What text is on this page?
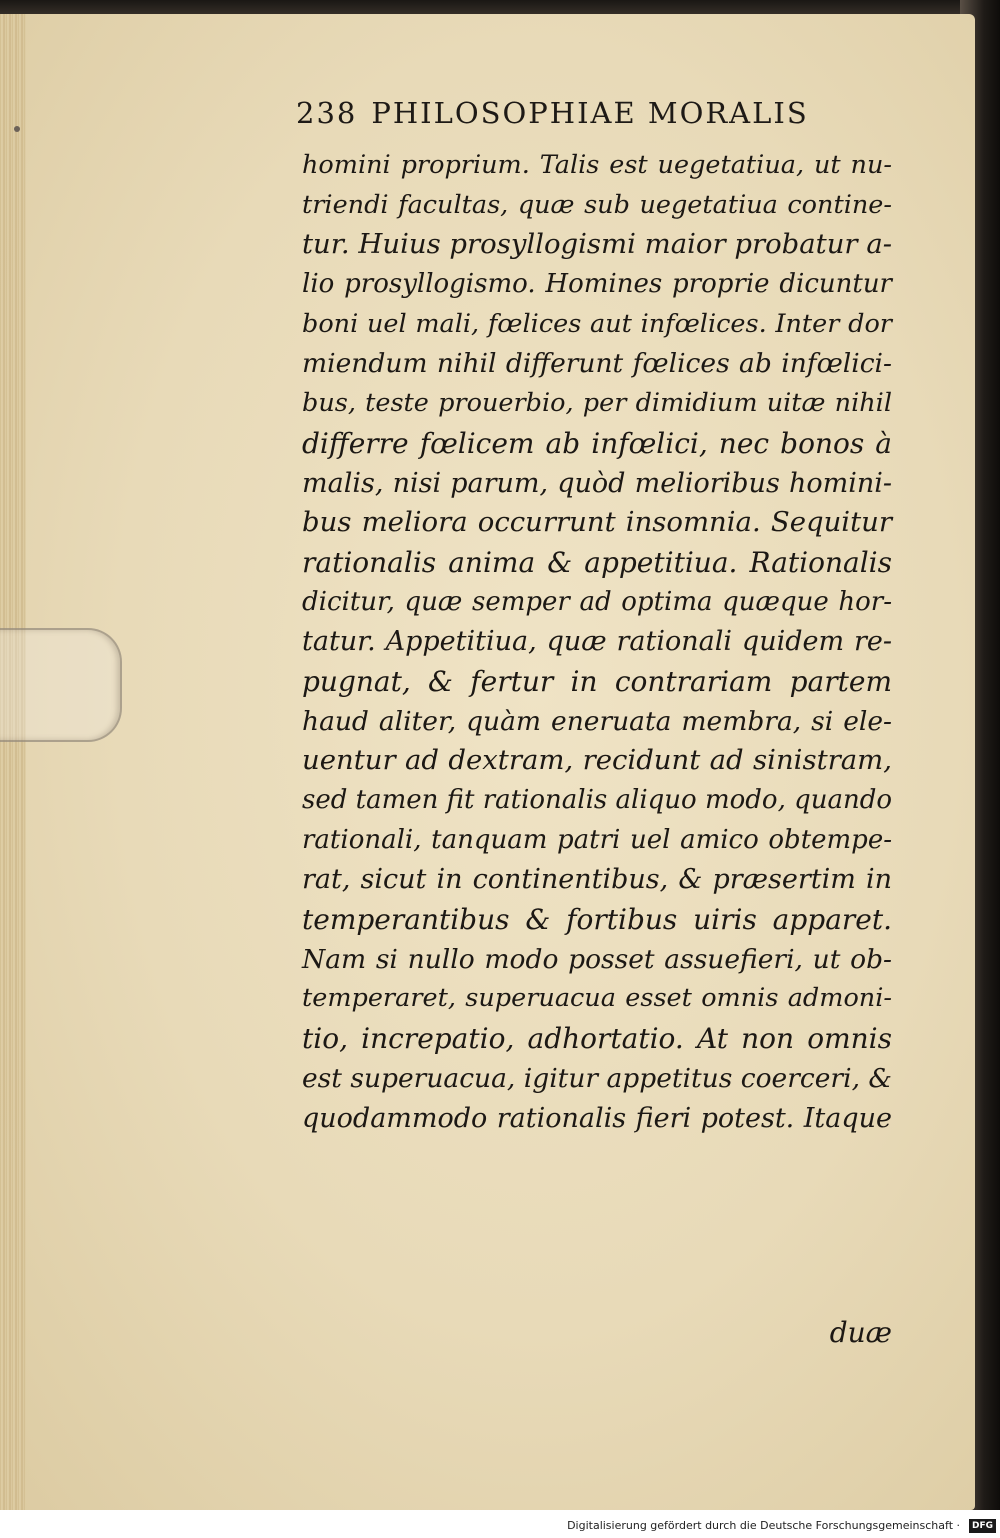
238 PHILOSOPHIAE MORALIS
homini proprium. Talis est uegetatiua, ut nu-
triendi facultas, quæ sub uegetatiua contine-
tur. Huius prosyllogismi maior probatur a-
lio prosyllogismo. Homines proprie dicuntur
boni uel mali, fœlices aut infœlices. Inter dor
miendum nihil differunt fœlices ab infœlici-
bus, teste prouerbio, per dimidium uitæ nihil
differre fœlicem ab infœlici, nec bonos à
malis, nisi parum, quòd melioribus homini-
bus meliora occurrunt insomnia. Sequitur
rationalis anima & appetitiua. Rationalis
dicitur, quæ semper ad optima quæque hor-
tatur. Appetitiua, quæ rationali quidem re-
pugnat, & fertur in contrariam partem
haud aliter, quàm eneruata membra, si ele-
uentur ad dextram, recidunt ad sinistram,
sed tamen fit rationalis aliquo modo, quando
rationali, tanquam patri uel amico obtempe-
rat, sicut in continentibus, & præsertim in
temperantibus & fortibus uiris apparet.
Nam si nullo modo posset assuefieri, ut ob-
temperaret, superuacua esset omnis admoni-
tio, increpatio, adhortatio. At non omnis
est superuacua, igitur appetitus coerceri, &
quodammodo rationalis fieri potest. Itaque
duæ
Digitalisierung gefördert durch die Deutsche Forschungsgemeinschaft ·	DFG
